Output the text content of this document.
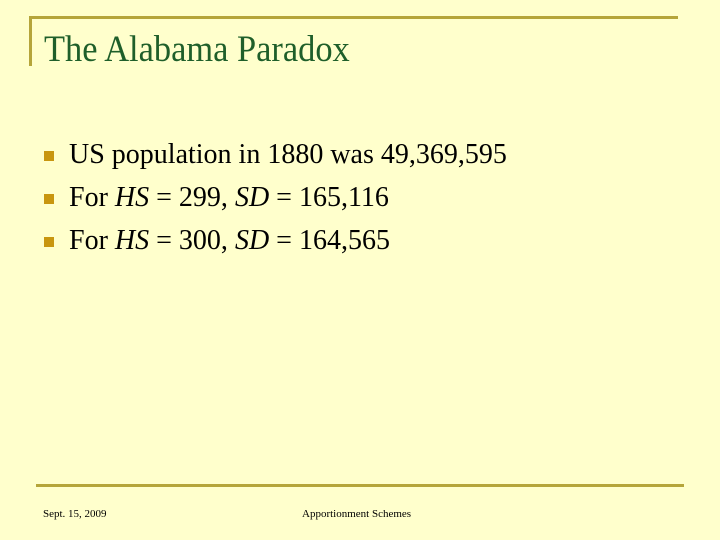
The Alabama Paradox
US population in 1880 was 49,369,595
For HS = 299, SD = 165,116
For HS = 300, SD = 164,565
Sept. 15, 2009	Apportionment Schemes
